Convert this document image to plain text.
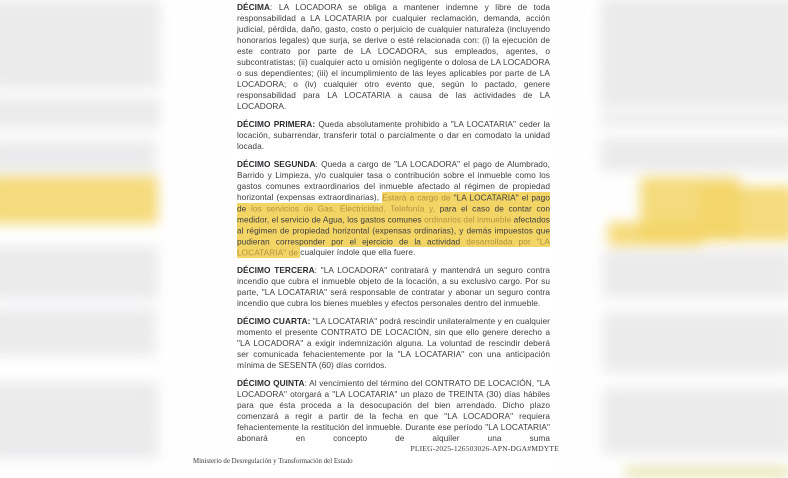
DÉCIMA: LA LOCADORA se obliga a mantener indemne y libre de toda responsabilidad a LA LOCATARIA por cualquier reclamación, demanda, acción judicial, pérdida, daño, gasto, costo o perjuicio de cualquier naturaleza (incluyendo honorarios legales) que surja, se derive o esté relacionada con: (i) la ejecución de este contrato por parte de LA LOCADORA, sus empleados, agentes, o subcontratistas; (ii) cualquier acto u omisión negligente o dolosa de LA LOCADORA o sus dependientes; (iii) el incumplimiento de las leyes aplicables por parte de LA LOCADORA; o (iv) cualquier otro evento que, según lo pactado, genere responsabilidad para LA LOCATARIA a causa de las actividades de LA LOCADORA.

DÉCIMO PRIMERA: Queda absolutamente prohibido a "LA LOCATARIA" ceder la locación, subarrendar, transferir total o parcialmente o dar en comodato la unidad locada.

DÉCIMO SEGUNDA: Queda a cargo de "LA LOCADORA" el pago de Alumbrado, Barrido y Limpieza, y/o cualquier tasa o contribución sobre el inmueble como los gastos comunes extraordinarios del inmueble afectado al régimen de propiedad horizontal (expensas extraordinarias), Estará a cargo de "LA LOCATARIA" el pago de los servicios de Gas, Electricidad, Telefonía y, para el caso de contar con medidor, el servicio de Agua, los gastos comunes ordinarios del inmueble afectados al régimen de propiedad horizontal (expensas ordinarias), y demás impuestos que pudieran corresponder por el ejercicio de la actividad desarrollada por "LA LOCATARIA" de cualquier índole que ella fuere.

DÉCIMO TERCERA: "LA LOCADORA" contratará y mantendrá un seguro contra incendio que cubra el inmueble objeto de la locación, a su exclusivo cargo. Por su parte, "LA LOCATARIA" será responsable de contratar y abonar un seguro contra incendio que cubra los bienes muebles y efectos personales dentro del inmueble.

DÉCIMO CUARTA: "LA LOCATARIA" podrá rescindir unilateralmente y en cualquier momento el presente CONTRATO DE LOCACIÓN, sin que ello genere derecho a "LA LOCADORA" a exigir indemnización alguna. La voluntad de rescindir deberá ser comunicada fehacientemente por la "LA LOCATARIA" con una anticipación mínima de SESENTA (60) días corridos.

DÉCIMO QUINTA: Al vencimiento del término del CONTRATO DE LOCACIÓN, "LA LOCADORA" otorgará a "LA LOCATARIA" un plazo de TREINTA (30) días hábiles para que ésta proceda a la desocupación del bien arrendado. Dicho plazo comenzará a regir a partir de la fecha en que "LA LOCADORA" requiera fehacientemente la restitución del inmueble. Durante ese período "LA LOCATARIA" abonará en concepto de alquiler una suma

PLIEG-2025-126503026-APN-DGA#MDYTE
Ministerio de Desregulación y Transformación del Estado
